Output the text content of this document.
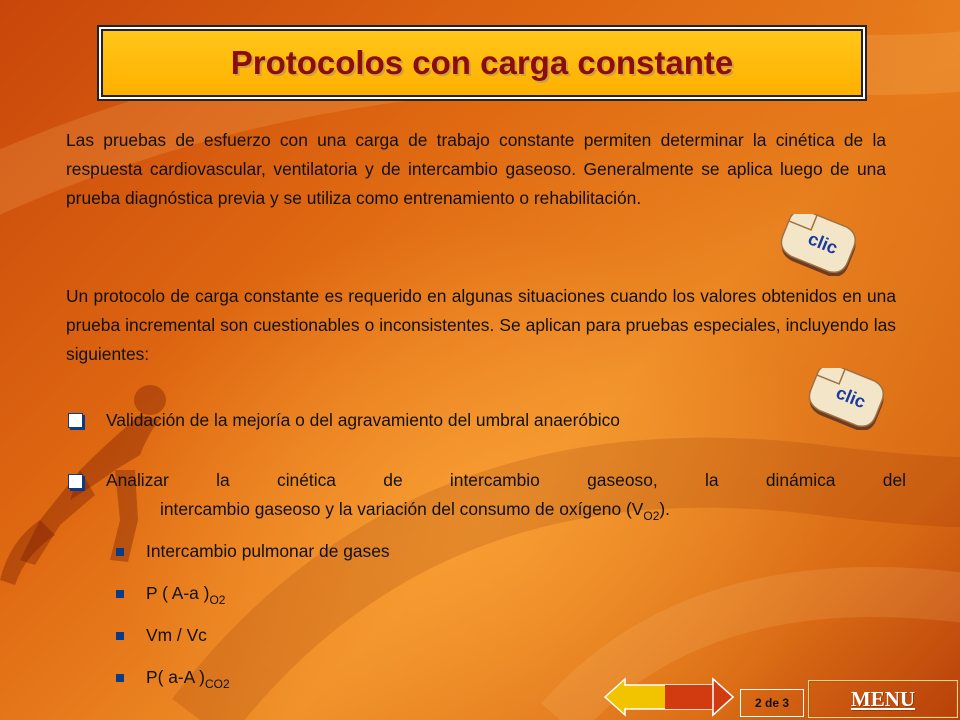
Protocolos con carga constante
Las pruebas de esfuerzo con una carga de trabajo constante permiten determinar la cinética de la respuesta cardiovascular, ventilatoria y de intercambio gaseoso. Generalmente se aplica luego de una prueba diagnóstica previa y se utiliza como entrenamiento o rehabilitación.
Un protocolo de carga constante es requerido en algunas situaciones cuando los valores obtenidos en una prueba incremental son cuestionables o inconsistentes. Se aplican para pruebas especiales, incluyendo las siguientes:
clic
clic
Validación de la mejoría o del agravamiento del umbral anaeróbico
Analizar la cinética de intercambio gaseoso, la dinámica del
intercambio gaseoso y la variación del consumo de oxígeno $(V_{O2})$.
Intercambio pulmonar de gases
P ( A-a )$_{O2}$
Vm / Vc
P( a-A )$_{CO2}$
2 de 3	MENU
